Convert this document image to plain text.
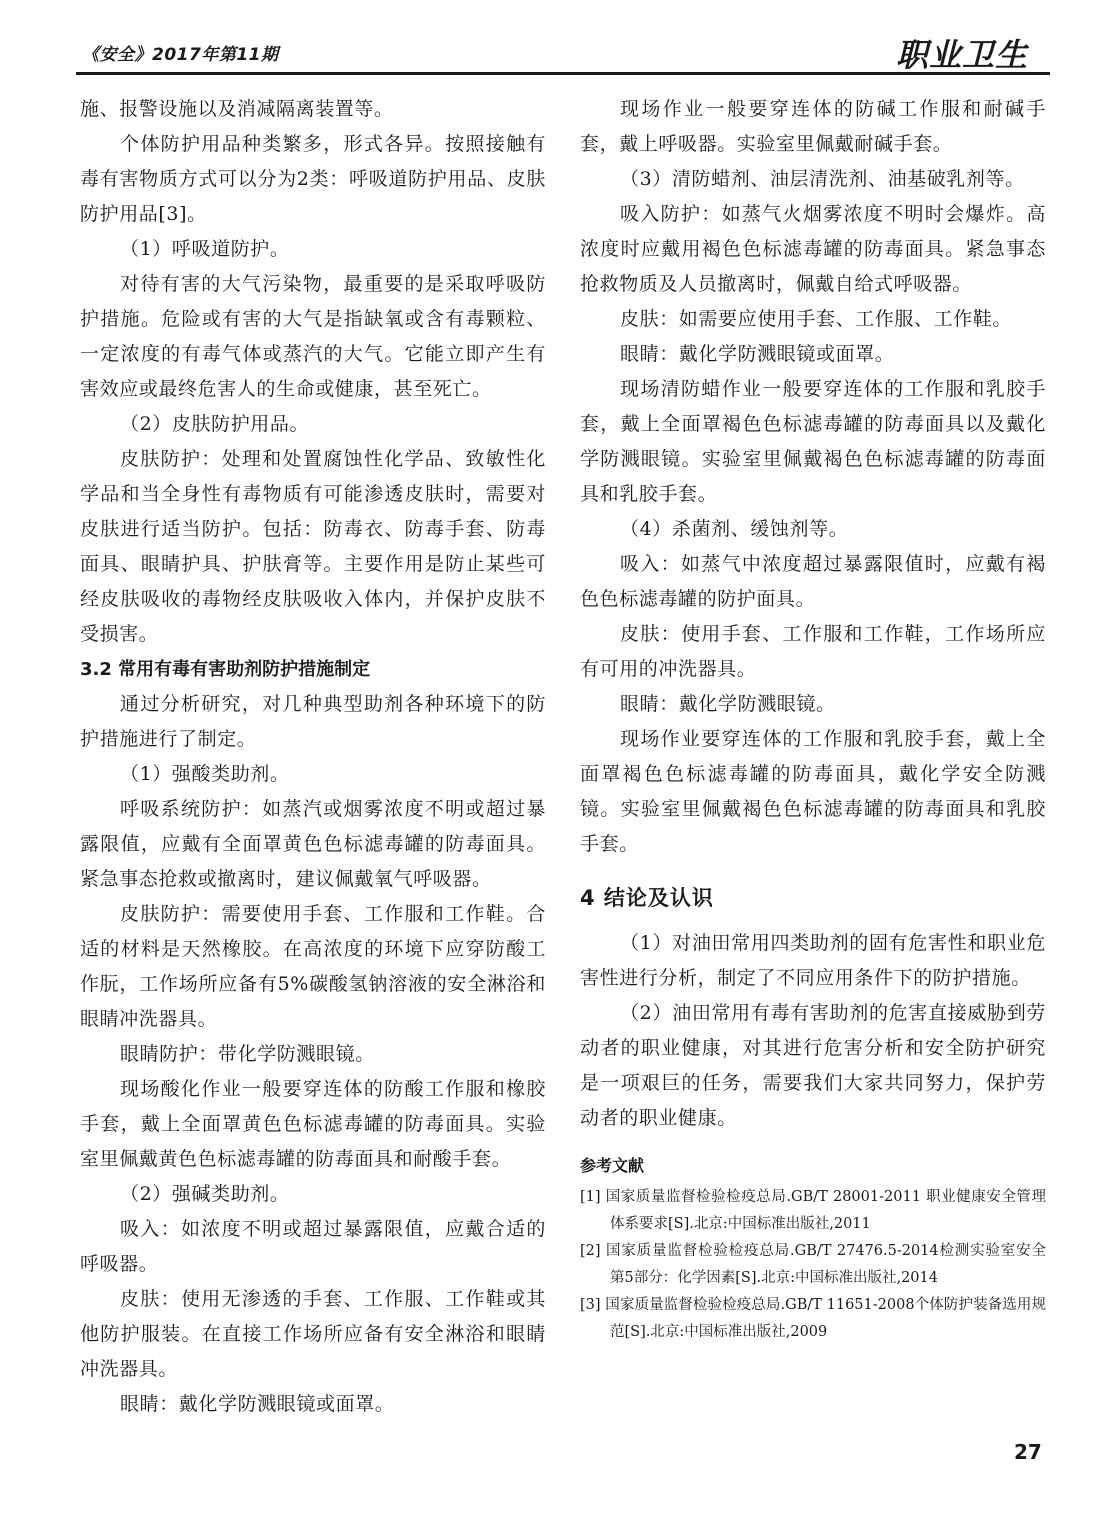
《安全》2017年第11期	职业卫生

施、报警设施以及消减隔离装置等。

个体防护用品种类繁多，形式各异。按照接触有毒有害物质方式可以分为2类：呼吸道防护用品、皮肤防护用品[3]。

（1）呼吸道防护。

对待有害的大气污染物，最重要的是采取呼吸防护措施。危险或有害的大气是指缺氧或含有毒颗粒、一定浓度的有毒气体或蒸汽的大气。它能立即产生有害效应或最终危害人的生命或健康，甚至死亡。

（2）皮肤防护用品。

皮肤防护：处理和处置腐蚀性化学品、致敏性化学品和当全身性有毒物质有可能渗透皮肤时，需要对皮肤进行适当防护。包括：防毒衣、防毒手套、防毒面具、眼睛护具、护肤膏等。主要作用是防止某些可经皮肤吸收的毒物经皮肤吸收入体内，并保护皮肤不受损害。

3.2 常用有毒有害助剂防护措施制定

通过分析研究，对几种典型助剂各种环境下的防护措施进行了制定。

（1）强酸类助剂。

呼吸系统防护：如蒸汽或烟雾浓度不明或超过暴露限值，应戴有全面罩黄色色标滤毒罐的防毒面具。紧急事态抢救或撤离时，建议佩戴氧气呼吸器。

皮肤防护：需要使用手套、工作服和工作鞋。合适的材料是天然橡胶。在高浓度的环境下应穿防酸工作朊，工作场所应备有5%碳酸氢钠溶液的安全淋浴和眼睛冲洗器具。

眼睛防护：带化学防溅眼镜。

现场酸化作业一般要穿连体的防酸工作服和橡胶手套，戴上全面罩黄色色标滤毒罐的防毒面具。实验室里佩戴黄色色标滤毒罐的防毒面具和耐酸手套。

（2）强碱类助剂。

吸入：如浓度不明或超过暴露限值，应戴合适的呼吸器。

皮肤：使用无渗透的手套、工作服、工作鞋或其他防护服装。在直接工作场所应备有安全淋浴和眼睛冲洗器具。

眼睛：戴化学防溅眼镜或面罩。

现场作业一般要穿连体的防碱工作服和耐碱手套，戴上呼吸器。实验室里佩戴耐碱手套。

（3）清防蜡剂、油层清洗剂、油基破乳剂等。

吸入防护：如蒸气火烟雾浓度不明时会爆炸。高浓度时应戴用褐色色标滤毒罐的防毒面具。紧急事态抢救物质及人员撤离时，佩戴自给式呼吸器。

皮肤：如需要应使用手套、工作服、工作鞋。

眼睛：戴化学防溅眼镜或面罩。

现场清防蜡作业一般要穿连体的工作服和乳胶手套，戴上全面罩褐色色标滤毒罐的防毒面具以及戴化学防溅眼镜。实验室里佩戴褐色色标滤毒罐的防毒面具和乳胶手套。

（4）杀菌剂、缓蚀剂等。

吸入：如蒸气中浓度超过暴露限值时，应戴有褐色色标滤毒罐的防护面具。

皮肤：使用手套、工作服和工作鞋，工作场所应有可用的冲洗器具。

眼睛：戴化学防溅眼镜。

现场作业要穿连体的工作服和乳胶手套，戴上全面罩褐色色标滤毒罐的防毒面具，戴化学安全防溅镜。实验室里佩戴褐色色标滤毒罐的防毒面具和乳胶手套。

4 结论及认识

（1）对油田常用四类助剂的固有危害性和职业危害性进行分析，制定了不同应用条件下的防护措施。

（2）油田常用有毒有害助剂的危害直接威胁到劳动者的职业健康，对其进行危害分析和安全防护研究是一项艰巨的任务，需要我们大家共同努力，保护劳动者的职业健康。

参考文献

[1] 国家质量监督检验检疫总局.GB/T 28001-2011 职业健康安全管理体系要求[S].北京:中国标准出版社,2011

[2] 国家质量监督检验检疫总局.GB/T 27476.5-2014检测实验室安全 第5部分：化学因素[S].北京:中国标准出版社,2014

[3] 国家质量监督检验检疫总局.GB/T 11651-2008个体防护装备选用规范[S].北京:中国标准出版社,2009

27
